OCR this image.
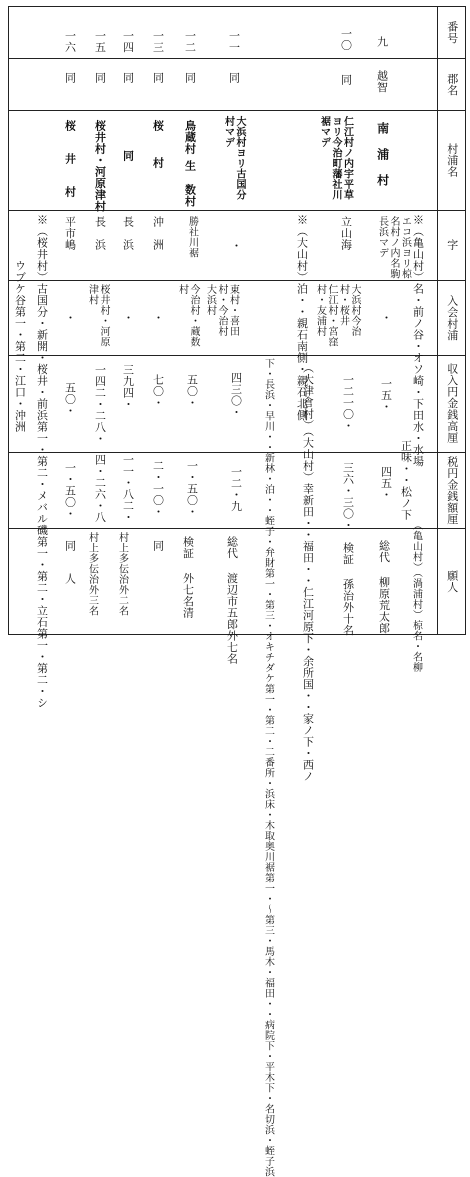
番号
郡名
村浦名
字
入会村浦
収入円金銭高厘
税円金銭額厘
願人
九
越智
南浦村
エコ浜ヨリ椋
名村ノ内名駒
長浜マデ ※（亀山村）名・前ノ谷・オソ崎・下田水・水場
・
一五・
四五・ 正味・・松ノ下
（亀山村）（渦浦村）椋名・名柳
総代 柳原荒太郎
一〇
同
仁江村ノ内宇平草
ヨリ今治町藩社川
裾マデ
立山海
※（大山村）泊・・親石南側・親石北側	大浜村今治
村・桜井
仁江村・宮窪
村・友浦村
一二一〇・
三六・三〇・
（大津倉村）（大山村）幸新田・・福田・・仁江河原下・余所国・・家ノ下・西ノ 検証 孫治外十名
一一
同
大浜村ヨリ古国分
村マデ
・
東村・喜田
村・今治村
大浜村
四三〇・
一二・九 下・長浜・早川・・新林・泊・・蛭子・弁財第一・第三・オキチダケ第一・第二・二番所・浜床・木取奥川裾第一・〜第三・馬木・福田・・病院下・平木下・名切浜・蛭子浜
総代 渡辺市五郎外七名
一二
同
鳥蔵村
生
数村
勝社川裾
今治村・蔵数
村
五〇・
一・五〇・
検証 外七名清
一三
同
桜村
沖洲
・
七〇・
二・一〇・
同
一四
同
同
長浜
・
三九四・
一一・八二・
村上多伝治外二名
一五
同
桜井村・河原津村
長浜
桜井村・河原
津村
一四二・二八・
四・二六・八
村上多伝治外三名
一六
同
桜井村
平市嶋
・
五〇・
一・五〇・
同人
※（桜井村）古国分・新開・桜井・前浜第一・第二・メバル磯第一・第二・立石第一・第二・シ
ウブケ谷第一・第二・江口・沖洲
